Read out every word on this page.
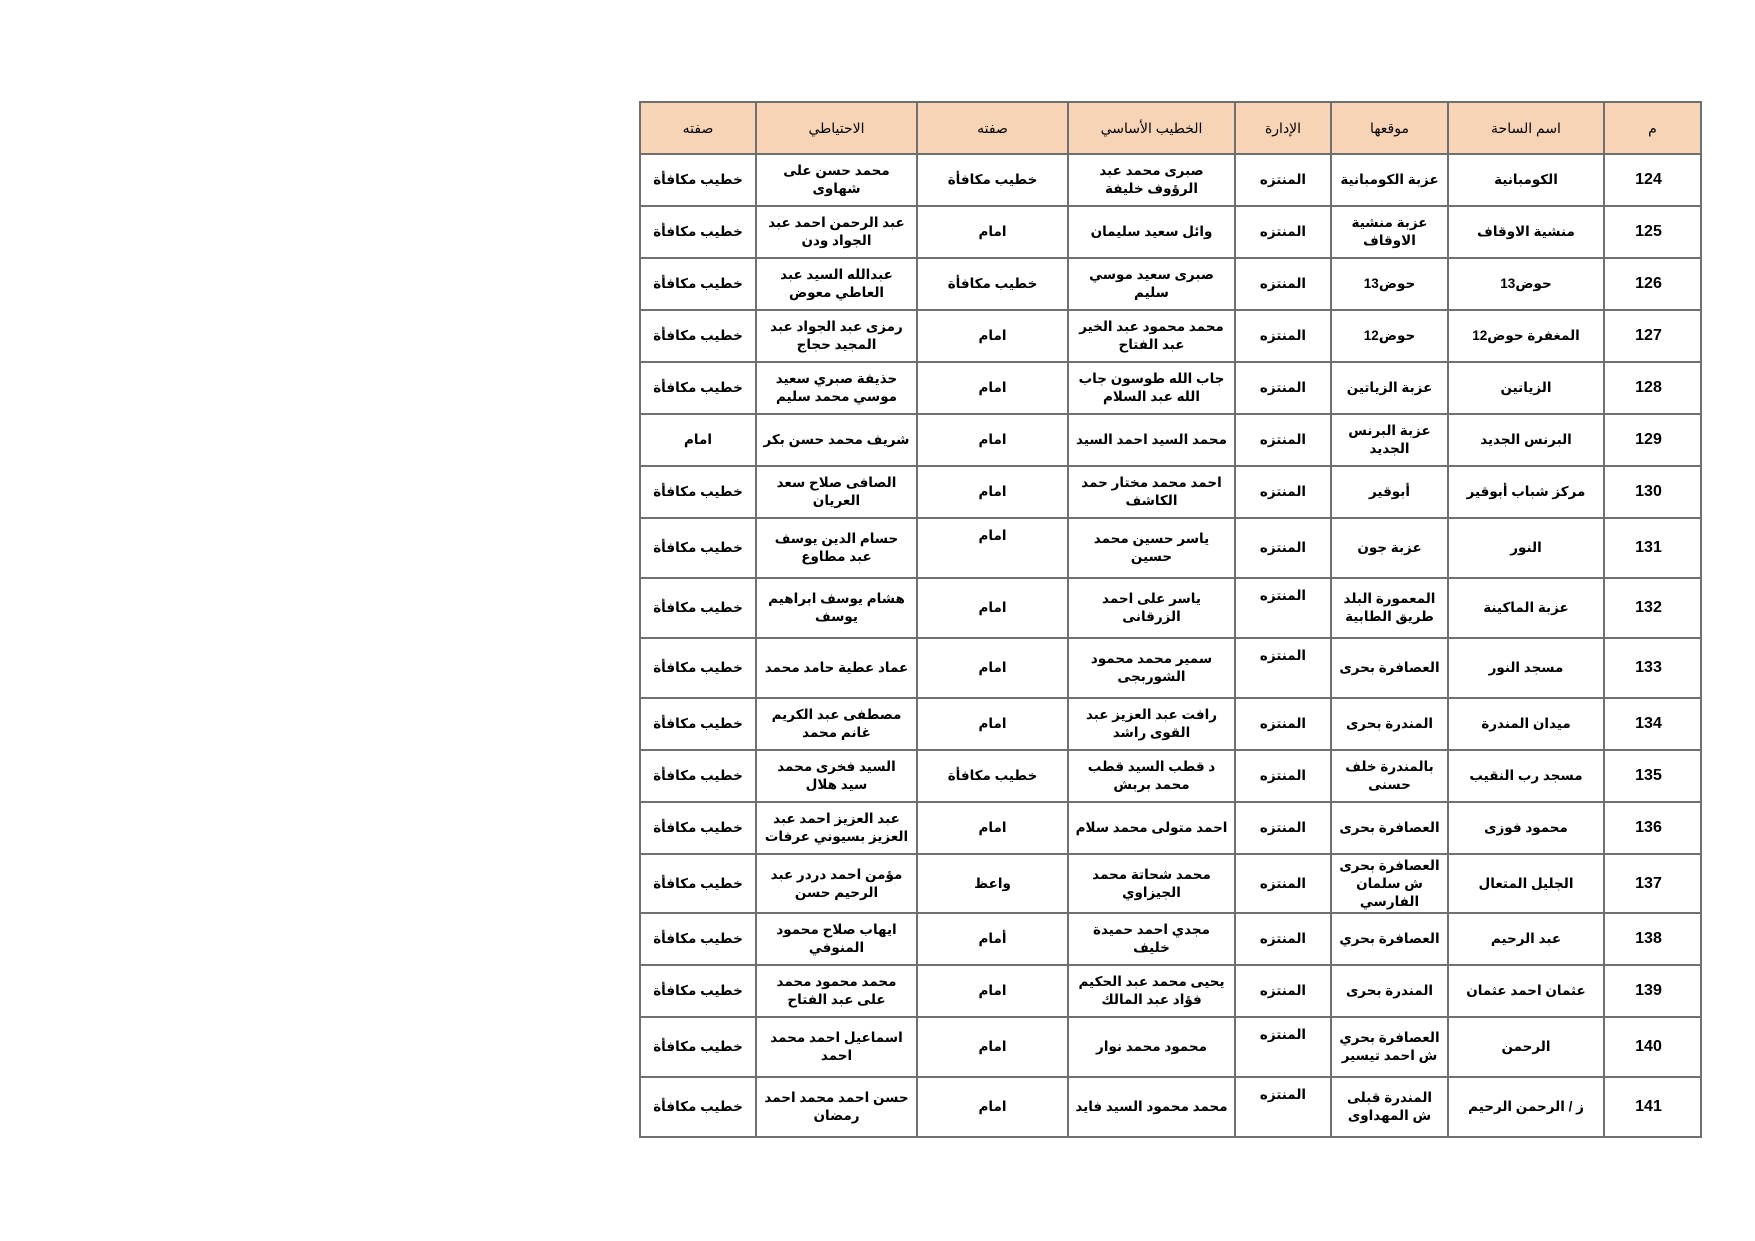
م	اسم الساحة	موقعها	الإدارة	الخطيب الأساسي	صفته	الاحتياطي	صفته
124	الكومبانية	عزبة الكومبانية	المنتزه	صبرى محمد عبد الرؤوف خليفة	خطيب مكافأة	محمد حسن على شهاوى	خطيب مكافأة
125	منشية الاوقاف	عزبة منشية الاوقاف	المنتزه	وائل سعيد سليمان	امام	عبد الرحمن احمد عبد الجواد ودن	خطيب مكافأة
126	حوض13	حوض13	المنتزه	صبرى سعيد موسي سليم	خطيب مكافأة	عبدالله السيد عبد العاطي معوض	خطيب مكافأة
127	المغفرة حوض12	حوض12	المنتزه	محمد محمود عبد الخير عبد الفتاح	امام	رمزى عبد الجواد عبد المجيد حجاج	خطيب مكافأة
128	الزياتين	عزبة الزياتين	المنتزه	جاب الله طوسون جاب الله عبد السلام	امام	حذيفة صبري سعيد موسي محمد سليم	خطيب مكافأة
129	البرنس الجديد	عزبة البرنس الجديد	المنتزه	محمد السيد احمد السيد	امام	شريف محمد حسن بكر	امام
130	مركز شباب أبوقير	أبوقير	المنتزه	احمد محمد مختار حمد الكاشف	امام	الصافى صلاح سعد العريان	خطيب مكافأة
131	النور	عزبة جون	المنتزه	ياسر حسين محمد حسين	امام	حسام الدين يوسف عبد مطاوع	خطيب مكافأة
132	عزبة الماكينة	المعمورة البلد طريق الطابية	المنتزه	ياسر على احمد الزرقانى	امام	هشام يوسف ابراهيم يوسف	خطيب مكافأة
133	مسجد النور	العصافرة بحرى	المنتزه	سمير محمد محمود الشوربجى	امام	عماد عطية حامد محمد	خطيب مكافأة
134	ميدان المندرة	المندرة بحرى	المنتزه	رافت عبد العزيز عبد القوى راشد	امام	مصطفى عبد الكريم غانم محمد	خطيب مكافأة
135	مسجد رب النقيب	بالمندرة خلف حسنى	المنتزه	د قطب السيد قطب محمد بربش	خطيب مكافأة	السيد فخرى محمد سيد هلال	خطيب مكافأة
136	محمود فوزى	العصافرة بحرى	المنتزه	احمد متولى محمد سلام	امام	عبد العزيز احمد عبد العزيز بسيوني عرفات	خطيب مكافأة
137	الجليل المتعال	العصافرة بحرى ش سلمان الفارسي	المنتزه	محمد شحاتة محمد الجيزاوي	واعظ	مؤمن احمد دردر عبد الرحيم حسن	خطيب مكافأة
138	عبد الرحيم	العصافرة بحري	المنتزه	مجدي احمد حميدة خليف	أمام	ايهاب صلاح محمود المنوفي	خطيب مكافأة
139	عثمان احمد عثمان	المندرة بحرى	المنتزه	يحيى محمد عبد الحكيم فؤاد عبد المالك	امام	محمد محمود محمد على عبد الفتاح	خطيب مكافأة
140	الرحمن	العصافرة بحري ش احمد تيسير	المنتزه	محمود محمد نوار	امام	اسماعيل احمد محمد احمد	خطيب مكافأة
141	ز / الرحمن الرحيم	المندرة قبلى ش المهداوى	المنتزه	محمد محمود السيد فايد	امام	حسن احمد محمد احمد رمضان	خطيب مكافأة
